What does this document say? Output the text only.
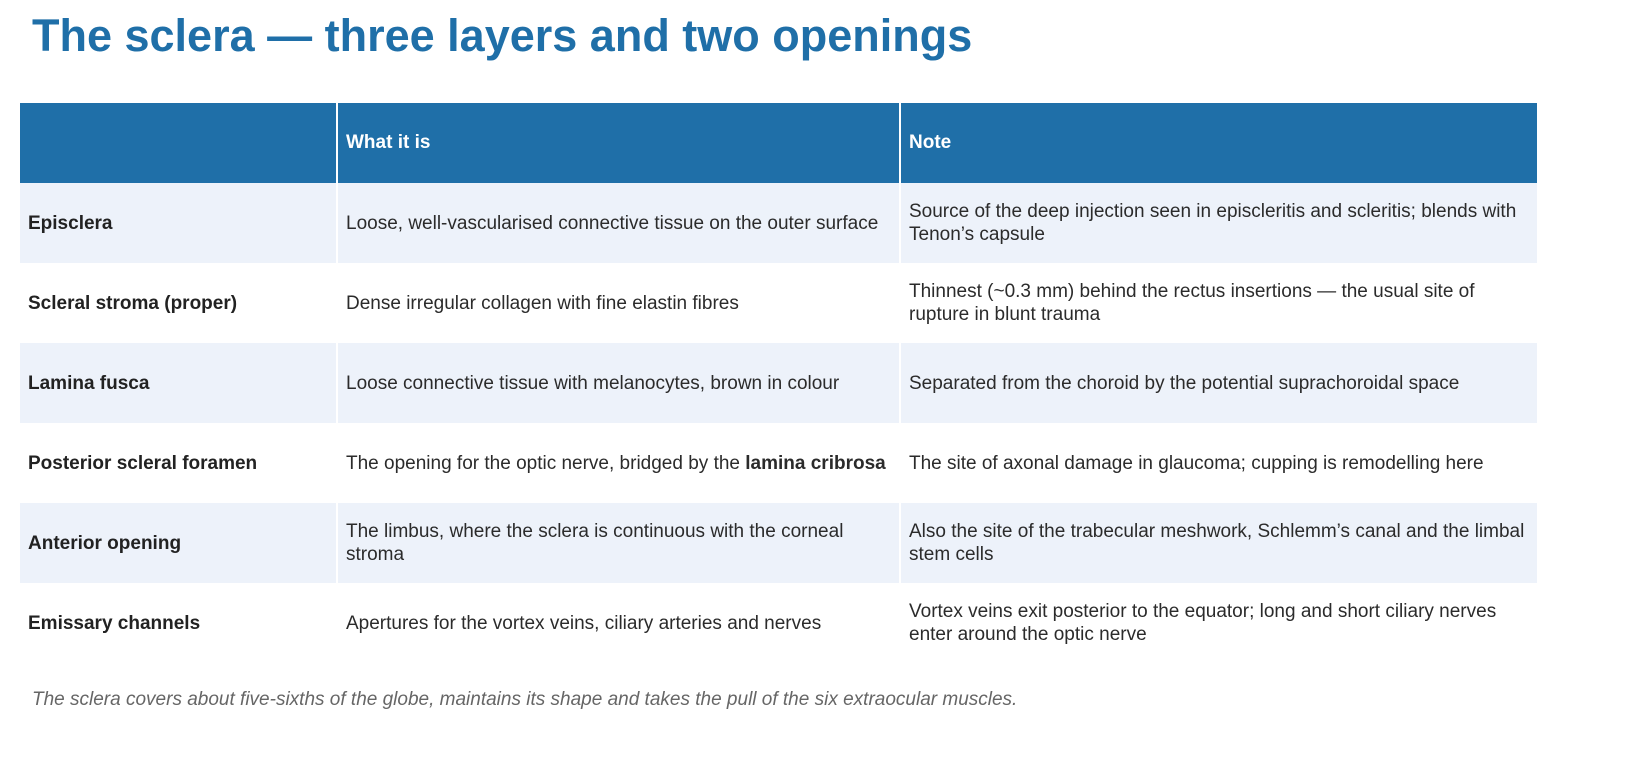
The sclera — three layers and two openings
	What it is	Note
Episclera	Loose, well-vascularised connective tissue on the outer surface	Source of the deep injection seen in episcleritis and scleritis; blends with Tenon’s capsule
Scleral stroma (proper)	Dense irregular collagen with fine elastin fibres	Thinnest (~0.3 mm) behind the rectus insertions — the usual site of rupture in blunt trauma
Lamina fusca	Loose connective tissue with melanocytes, brown in colour	Separated from the choroid by the potential suprachoroidal space
Posterior scleral foramen	The opening for the optic nerve, bridged by the lamina cribrosa	The site of axonal damage in glaucoma; cupping is remodelling here
Anterior opening	The limbus, where the sclera is continuous with the corneal stroma	Also the site of the trabecular meshwork, Schlemm’s canal and the limbal stem cells
Emissary channels	Apertures for the vortex veins, ciliary arteries and nerves	Vortex veins exit posterior to the equator; long and short ciliary nerves enter around the optic nerve
The sclera covers about five-sixths of the globe, maintains its shape and takes the pull of the six extraocular muscles.
